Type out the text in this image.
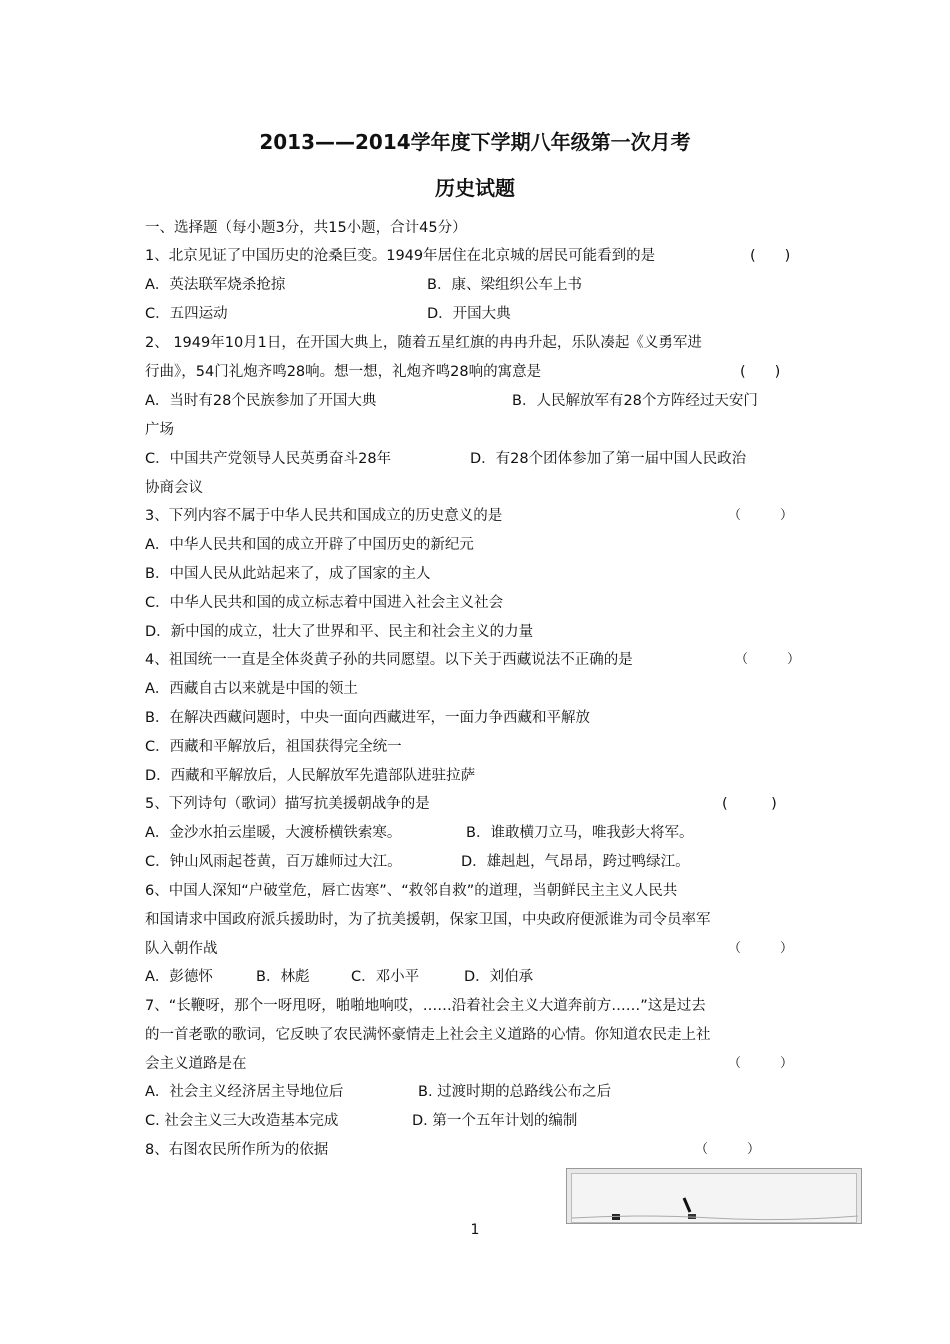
2013——2014学年度下学期八年级第一次月考
历史试题
一、选择题（每小题3分，共15小题，合计45分）
1、北京见证了中国历史的沧桑巨变。1949年居住在北京城的居民可能看到的是	(　　)
A．英法联军烧杀抢掠	B．康、梁组织公车上书
C．五四运动	D．开国大典
2、 1949年10月1日，在开国大典上，随着五星红旗的冉冉升起，乐队凑起《义勇军进
行曲》，54门礼炮齐鸣28响。想一想，礼炮齐鸣28响的寓意是	(　　)
A．当时有28个民族参加了开国大典	B．人民解放军有28个方阵经过天安门
广场
C．中国共产党领导人民英勇奋斗28年	D．有28个团体参加了第一届中国人民政治
协商会议
3、下列内容不属于中华人民共和国成立的历史意义的是	（　　　）
A．中华人民共和国的成立开辟了中国历史的新纪元
B．中国人民从此站起来了，成了国家的主人
C．中华人民共和国的成立标志着中国进入社会主义社会
D．新中国的成立，壮大了世界和平、民主和社会主义的力量
4、祖国统一一直是全体炎黄子孙的共同愿望。以下关于西藏说法不正确的是	（　　　）
A．西藏自古以来就是中国的领土
B．在解决西藏问题时，中央一面向西藏进军，一面力争西藏和平解放
C．西藏和平解放后，祖国获得完全统一
D．西藏和平解放后，人民解放军先遣部队进驻拉萨
5、下列诗句（歌词）描写抗美援朝战争的是	(　　　)
A．金沙水拍云崖暖，大渡桥横铁索寒。	B．谁敢横刀立马，唯我彭大将军。
C．钟山风雨起苍黄，百万雄师过大江。	D．雄赳赳，气昂昂，跨过鸭绿江。
6、中国人深知“户破堂危，唇亡齿寒”、“救邻自救”的道理，当朝鲜民主主义人民共
和国请求中国政府派兵援助时，为了抗美援朝，保家卫国，中央政府便派谁为司令员率军
队入朝作战	（　　　）
A．彭德怀	B．林彪	C．邓小平	D．刘伯承
7、“长鞭呀，那个一呀甩呀，啪啪地响哎，……沿着社会主义大道奔前方……”这是过去
的一首老歌的歌词，它反映了农民满怀豪情走上社会主义道路的心情。你知道农民走上社
会主义道路是在	（　　　）
A．社会主义经济居主导地位后	B. 过渡时期的总路线公布之后
C. 社会主义三大改造基本完成	D. 第一个五年计划的编制
8、右图农民所作所为的依据	（　　　）
1
